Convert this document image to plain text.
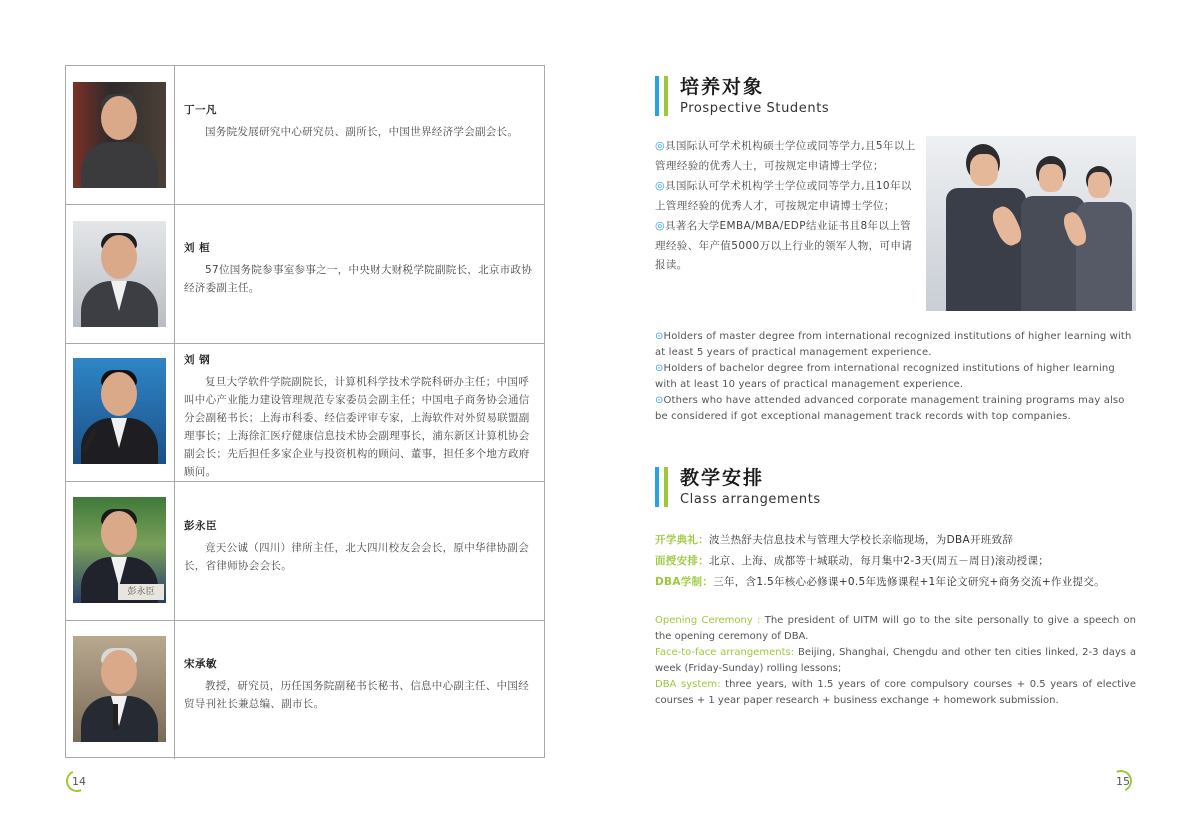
丁一凡

国务院发展研究中心研究员、副所长，中国世界经济学会副会长。

刘 桓

57位国务院参事室参事之一，中央财大财税学院副院长，北京市政协经济委副主任。

刘 钢

复旦大学软件学院副院长，计算机科学技术学院科研办主任；中国呼叫中心产业能力建设管理规范专家委员会副主任；中国电子商务协会通信分会副秘书长；上海市科委、经信委评审专家，上海软件对外贸易联盟副理事长；上海徐汇医疗健康信息技术协会副理事长，浦东新区计算机协会副会长；先后担任多家企业与投资机构的顾问、董事，担任多个地方政府顾问。

彭永臣

彭永臣

竟天公诚（四川）律所主任，北大四川校友会会长，原中华律协副会长，省律师协会会长。

宋承敏

教授，研究员，历任国务院副秘书长秘书、信息中心副主任、中国经贸导刊社长兼总编、副市长。

14
培养对象
Prospective Students

◎具国际认可学术机构硕士学位或同等学力,且5年以上管理经验的优秀人士，可按规定申请博士学位；

◎具国际认可学术机构学士学位或同等学力,且10年以上管理经验的优秀人才，可按规定申请博士学位；

◎具著名大学EMBA/MBA/EDP结业证书且8年以上管理经验、年产值5000万以上行业的领军人物，可申请报读。

⊙Holders of master degree from international recognized institutions of higher learning with at least 5 years of practical management experience.

⊙Holders of bachelor degree from international recognized institutions of higher learning with at least 10 years of practical management experience.

⊙Others who have attended advanced corporate management training programs may also be considered if got exceptional management track records with top companies.

教学安排
Class arrangements

开学典礼：波兰热舒夫信息技术与管理大学校长亲临现场，为DBA开班致辞

面授安排：北京、上海、成都等十城联动，每月集中2-3天(周五－周日)滚动授课；

DBA学制：三年，含1.5年核心必修课+0.5年选修课程+1年论文研究+商务交流+作业提交。

Opening Ceremony : The president of UITM will go to the site personally to give a speech on the opening ceremony of DBA.

Face-to-face arrangements: Beijing, Shanghai, Chengdu and other ten cities linked, 2-3 days a week (Friday-Sunday) rolling lessons;

DBA system: three years, with 1.5 years of core compulsory courses + 0.5 years of elective courses + 1 year paper research + business exchange + homework submission.

15
